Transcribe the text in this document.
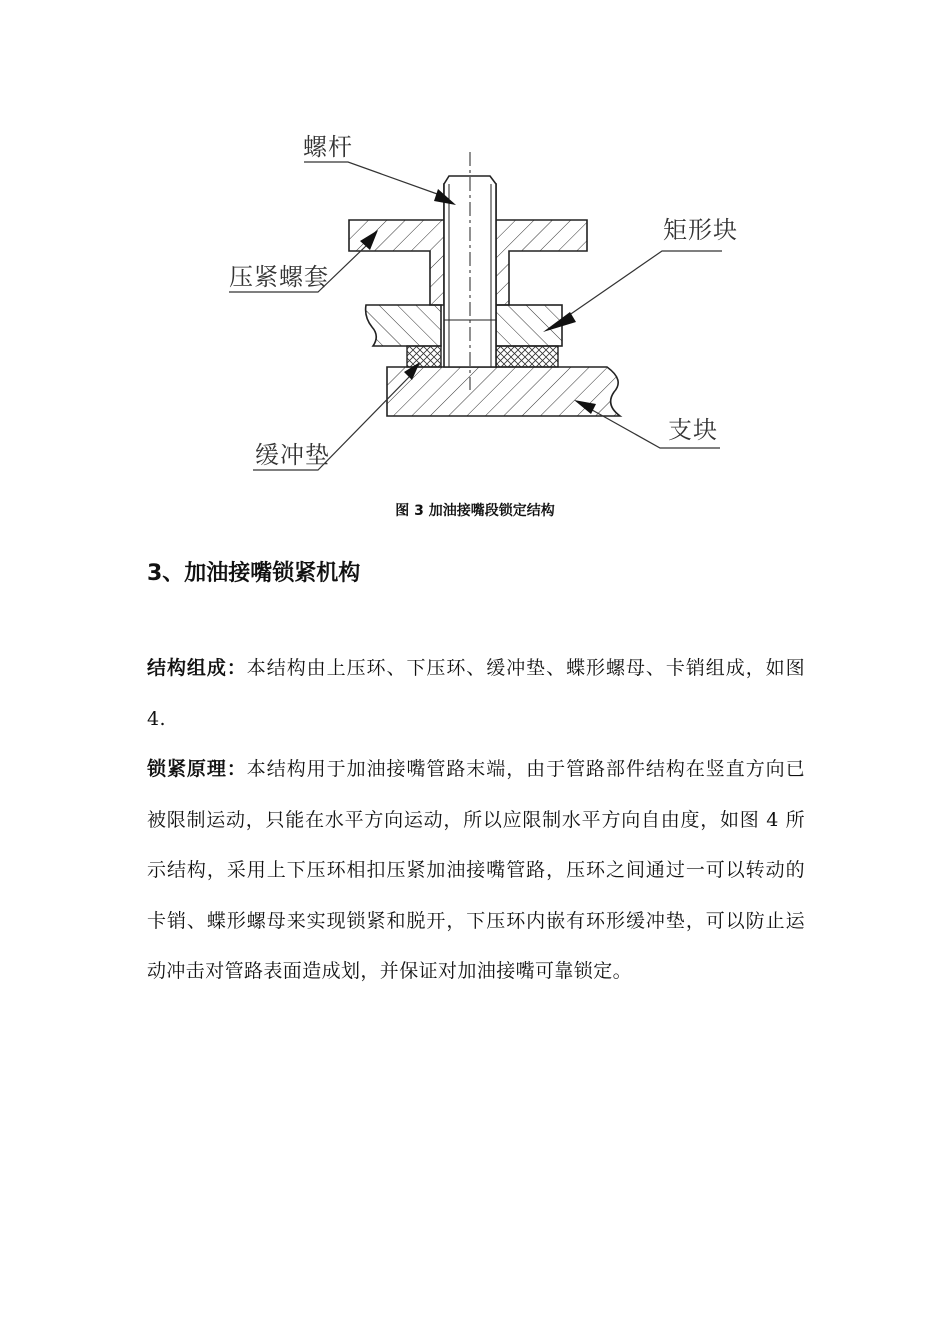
螺杆
矩形块
压紧螺套
支块
缓冲垫
图 3 加油接嘴段锁定结构
3、加油接嘴锁紧机构

结构组成：本结构由上压环、下压环、缓冲垫、蝶形螺母、卡销组成，如图 4.

锁紧原理：本结构用于加油接嘴管路末端，由于管路部件结构在竖直方向已被限制运动，只能在水平方向运动，所以应限制水平方向自由度，如图 4 所示结构，采用上下压环相扣压紧加油接嘴管路，压环之间通过一可以转动的卡销、蝶形螺母来实现锁紧和脱开，下压环内嵌有环形缓冲垫，可以防止运动冲击对管路表面造成划，并保证对加油接嘴可靠锁定。
